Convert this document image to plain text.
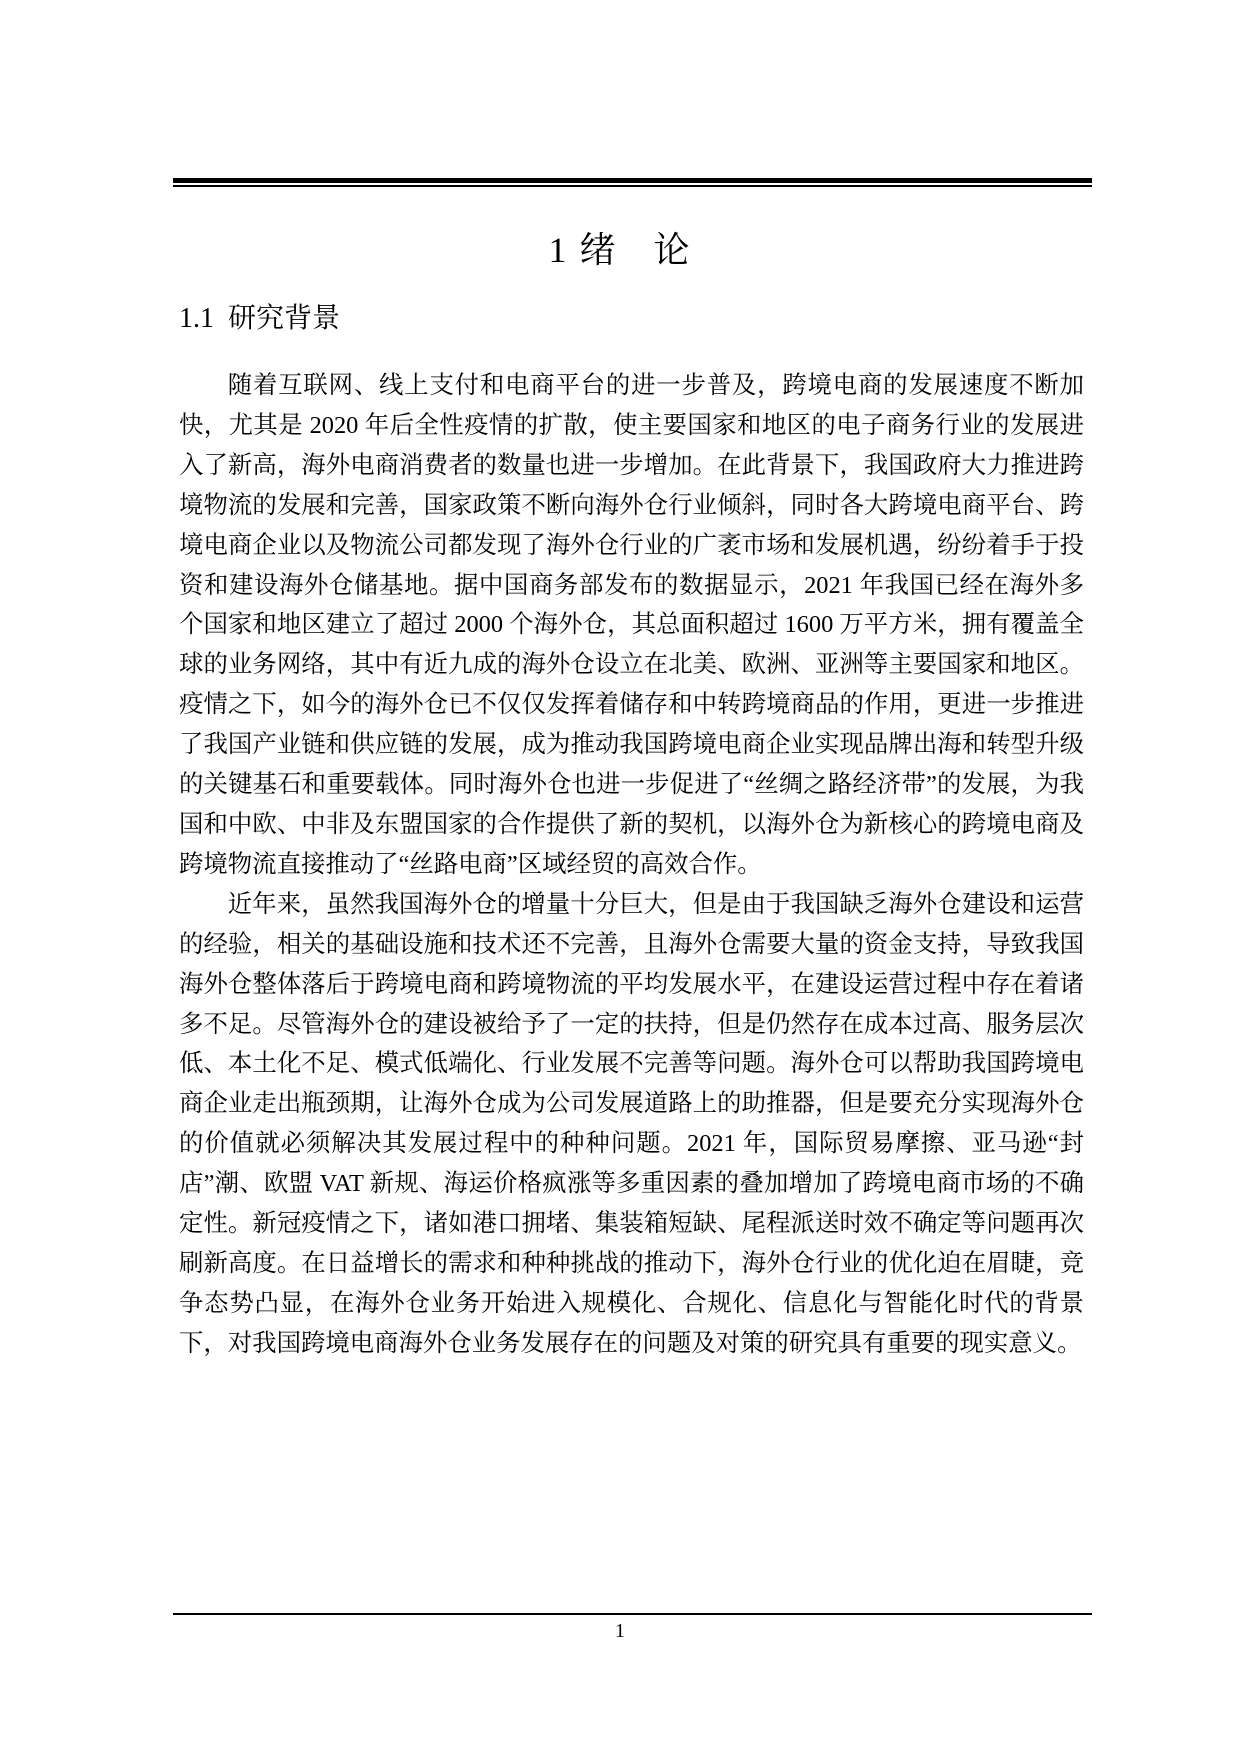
1 绪 论
1.1 研究背景

随着互联网、线上支付和电商平台的进一步普及，跨境电商的发展速度不断加快，尤其是 2020 年后全性疫情的扩散，使主要国家和地区的电子商务行业的发展进入了新高，海外电商消费者的数量也进一步增加。在此背景下，我国政府大力推进跨境物流的发展和完善，国家政策不断向海外仓行业倾斜，同时各大跨境电商平台、跨境电商企业以及物流公司都发现了海外仓行业的广袤市场和发展机遇，纷纷着手于投资和建设海外仓储基地。据中国商务部发布的数据显示，2021 年我国已经在海外多个国家和地区建立了超过 2000 个海外仓，其总面积超过 1600 万平方米，拥有覆盖全球的业务网络，其中有近九成的海外仓设立在北美、欧洲、亚洲等主要国家和地区。疫情之下，如今的海外仓已不仅仅发挥着储存和中转跨境商品的作用，更进一步推进了我国产业链和供应链的发展，成为推动我国跨境电商企业实现品牌出海和转型升级的关键基石和重要载体。同时海外仓也进一步促进了“丝绸之路经济带”的发展，为我国和中欧、中非及东盟国家的合作提供了新的契机，以海外仓为新核心的跨境电商及跨境物流直接推动了“丝路电商”区域经贸的高效合作。

近年来，虽然我国海外仓的增量十分巨大，但是由于我国缺乏海外仓建设和运营的经验，相关的基础设施和技术还不完善，且海外仓需要大量的资金支持，导致我国海外仓整体落后于跨境电商和跨境物流的平均发展水平，在建设运营过程中存在着诸多不足。尽管海外仓的建设被给予了一定的扶持，但是仍然存在成本过高、服务层次低、本土化不足、模式低端化、行业发展不完善等问题。海外仓可以帮助我国跨境电商企业走出瓶颈期，让海外仓成为公司发展道路上的助推器，但是要充分实现海外仓的价值就必须解决其发展过程中的种种问题。2021 年，国际贸易摩擦、亚马逊“封店”潮、欧盟 VAT 新规、海运价格疯涨等多重因素的叠加增加了跨境电商市场的不确定性。新冠疫情之下，诸如港口拥堵、集装箱短缺、尾程派送时效不确定等问题再次刷新高度。在日益增长的需求和种种挑战的推动下，海外仓行业的优化迫在眉睫，竞争态势凸显，在海外仓业务开始进入规模化、合规化、信息化与智能化时代的背景下，对我国跨境电商海外仓业务发展存在的问题及对策的研究具有重要的现实意义。

1
